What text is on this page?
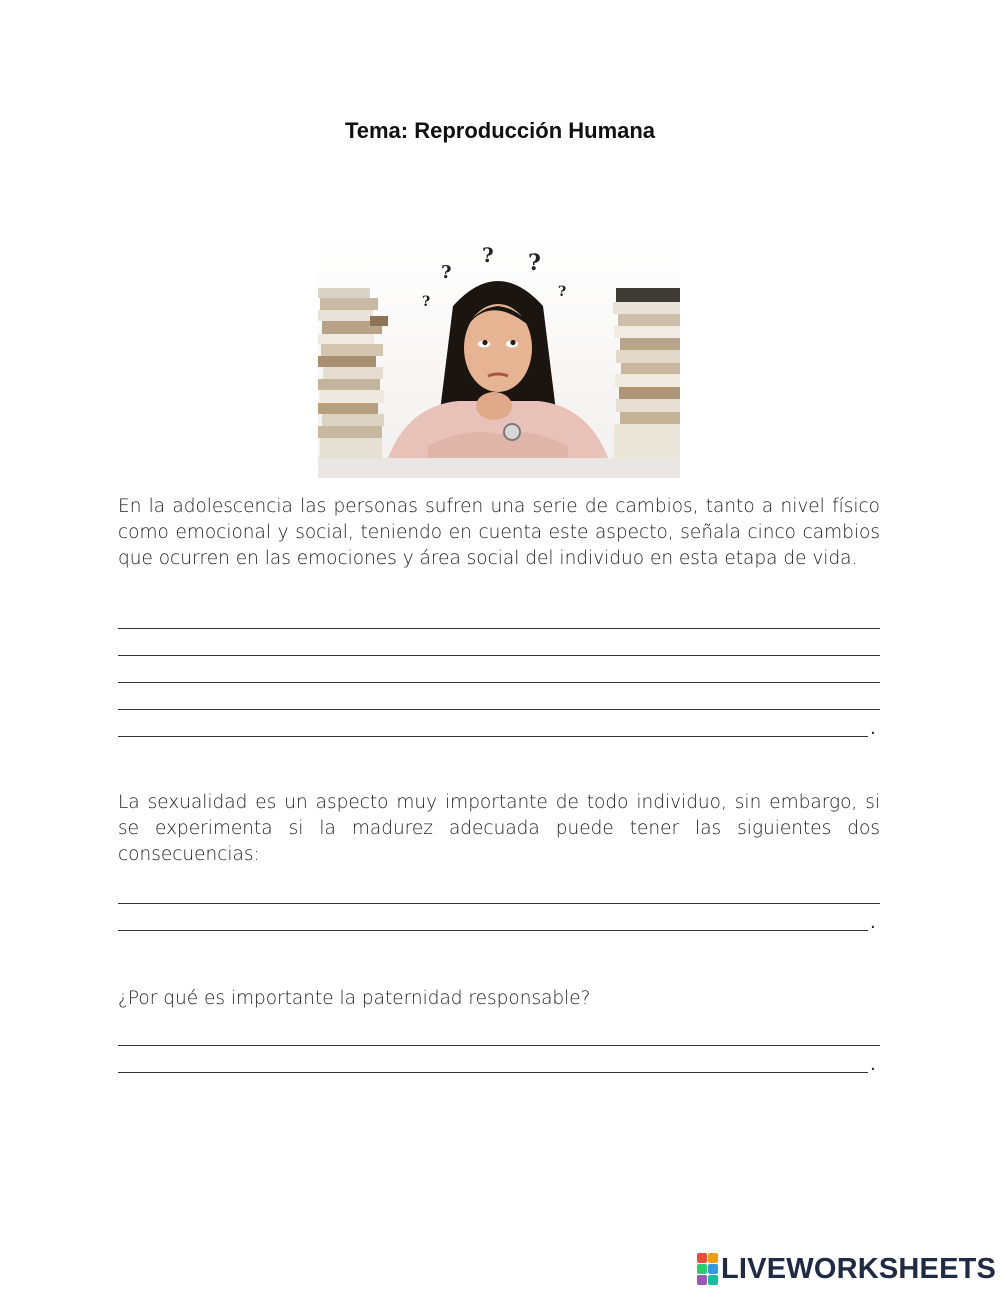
Tema: Reproducción Humana
?
?
? ?
?
En la adolescencia las personas sufren una serie de cambios, tanto a nivel físico como emocional y social, teniendo en cuenta este aspecto, señala cinco cambios que ocurren en las emociones y área social del individuo en esta etapa de vida.
.
La sexualidad es un aspecto muy importante de todo individuo, sin embargo, si se experimenta si la madurez adecuada puede tener las siguientes dos consecuencias:
.
¿Por qué es importante la paternidad responsable?
.
LIVEWORKSHEETS
